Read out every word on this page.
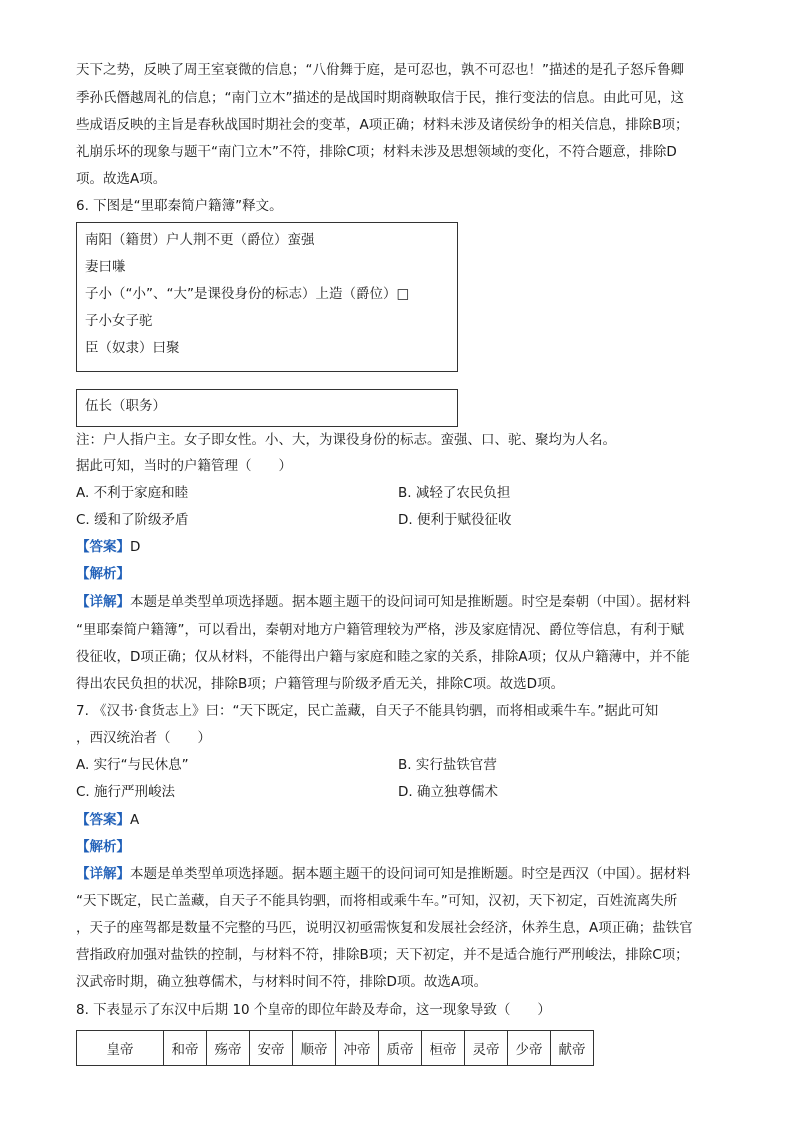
天下之势，反映了周王室衰微的信息；“八佾舞于庭，是可忍也，孰不可忍也！”描述的是孔子怒斥鲁卿
季孙氏僭越周礼的信息；“南门立木”描述的是战国时期商鞅取信于民，推行变法的信息。由此可见，这
些成语反映的主旨是春秋战国时期社会的变革，A项正确；材料未涉及诸侯纷争的相关信息，排除B项；
礼崩乐坏的现象与题干“南门立木”不符，排除C项；材料未涉及思想领域的变化，不符合题意，排除D
项。故选A项。
6. 下图是“里耶秦简户籍簿”释文。
南阳（籍贯）户人荆不更（爵位）蛮强
妻曰嗛
子小（“小”、“大”是课役身份的标志）上造（爵位）□
子小女子驼
臣（奴隶）曰聚
伍长（职务）
注：户人指户主。女子即女性。小、大，为课役身份的标志。蛮强、口、驼、聚均为人名。
据此可知，当时的户籍管理（　　）
A. 不利于家庭和睦	B. 减轻了农民负担
C. 缓和了阶级矛盾	D. 便利于赋役征收
【答案】D
【解析】
【详解】本题是单类型单项选择题。据本题主题干的设问词可知是推断题。时空是秦朝（中国）。据材料
“里耶秦简户籍簿”，可以看出，秦朝对地方户籍管理较为严格，涉及家庭情况、爵位等信息，有利于赋
役征收，D项正确；仅从材料，不能得出户籍与家庭和睦之家的关系，排除A项；仅从户籍薄中，并不能
得出农民负担的状况，排除B项；户籍管理与阶级矛盾无关，排除C项。故选D项。
7. 《汉书·食货志上》曰：“天下既定，民亡盖藏，自天子不能具钧驷，而将相或乘牛车。”据此可知
，西汉统治者（　　）
A. 实行“与民休息”	B. 实行盐铁官营
C. 施行严刑峻法	D. 确立独尊儒术
【答案】A
【解析】
【详解】本题是单类型单项选择题。据本题主题干的设问词可知是推断题。时空是西汉（中国）。据材料
“天下既定，民亡盖藏，自天子不能具钧驷，而将相或乘牛车。”可知，汉初，天下初定，百姓流离失所
，天子的座驾都是数量不完整的马匹，说明汉初亟需恢复和发展社会经济，休养生息，A项正确；盐铁官
营指政府加强对盐铁的控制，与材料不符，排除B项；天下初定，并不是适合施行严刑峻法，排除C项；
汉武帝时期，确立独尊儒术，与材料时间不符，排除D项。故选A项。
8. 下表显示了东汉中后期 10 个皇帝的即位年龄及寿命，这一现象导致（　　）
皇帝	和帝	殇帝	安帝	顺帝	冲帝	质帝	桓帝	灵帝	少帝	献帝
